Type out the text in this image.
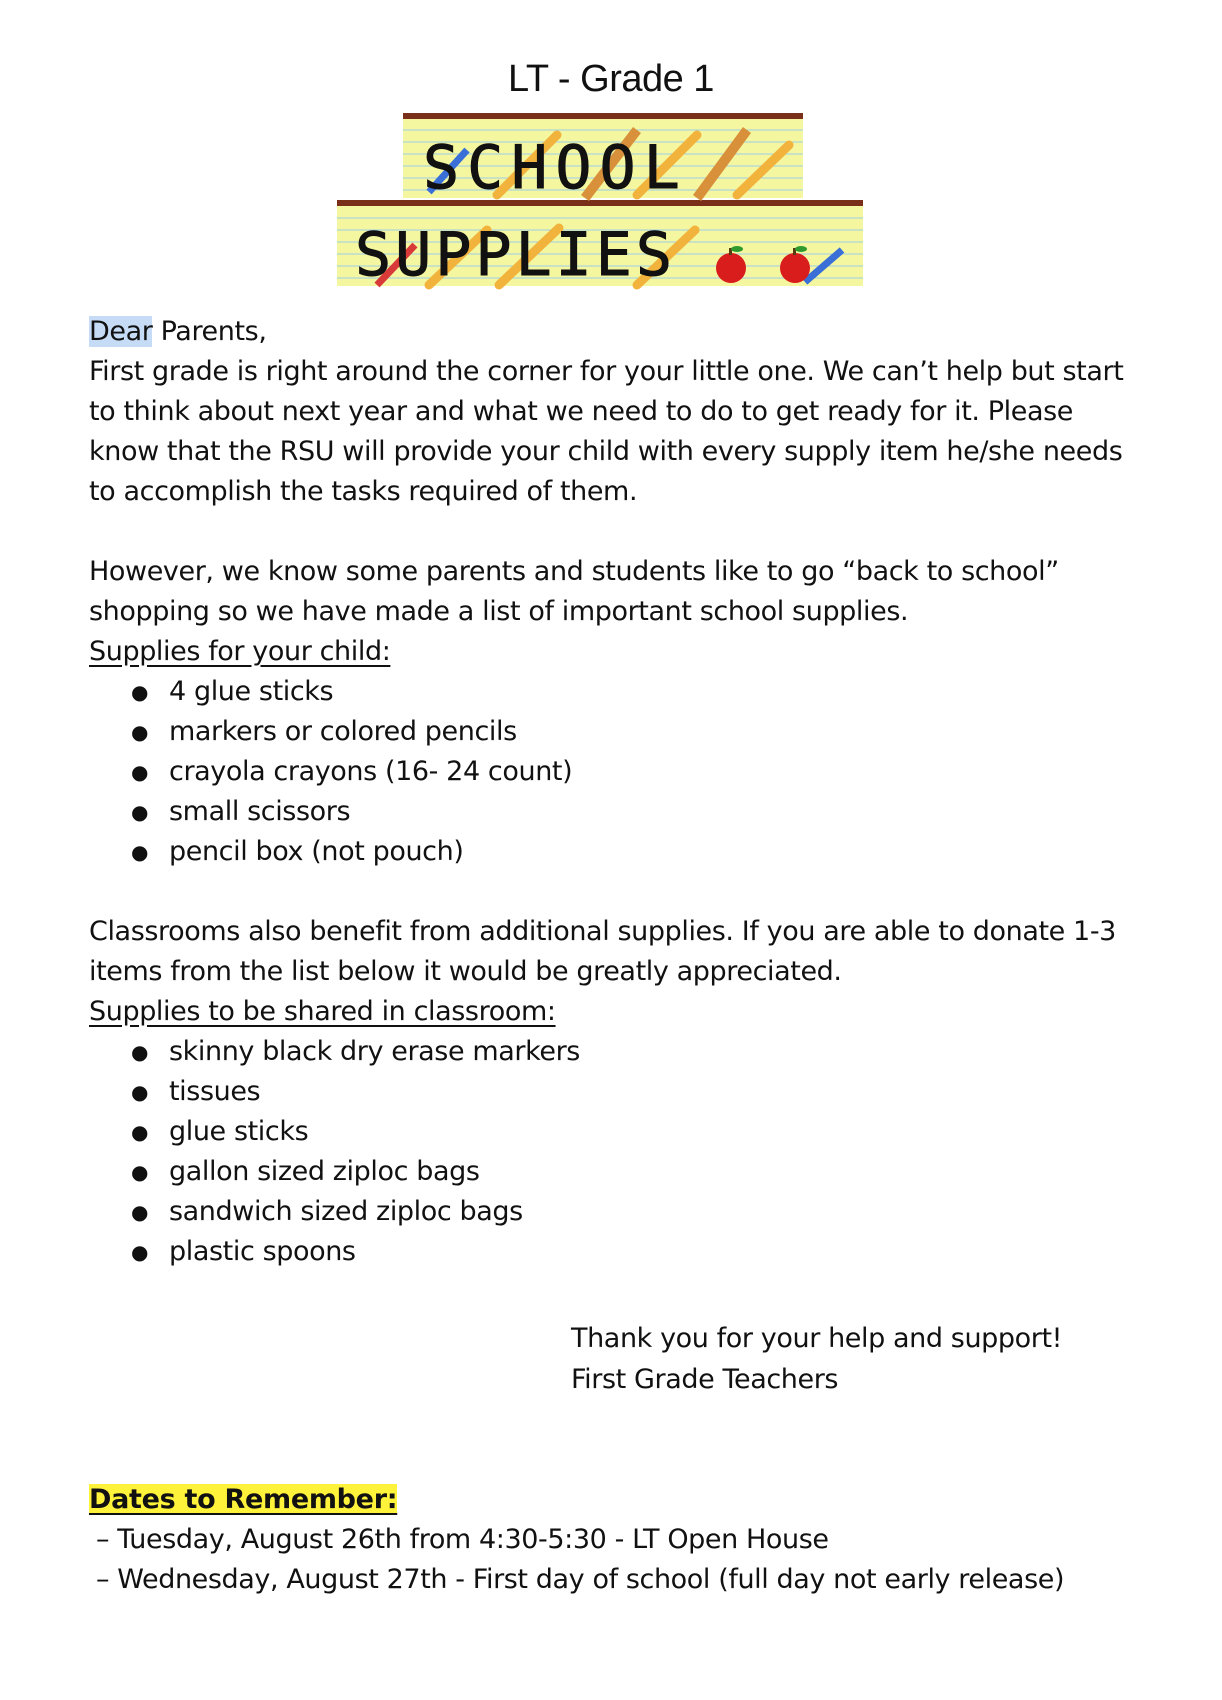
LT - Grade 1
SCHOOL
SUPPLIES

Dear Parents,

First grade is right around the corner for your little one. We can’t help but start to think about next year and what we need to do to get ready for it. Please know that the RSU will provide your child with every supply item he/she needs to accomplish the tasks required of them.

However, we know some parents and students like to go “back to school” shopping so we have made a list of important school supplies.

Supplies for your child:

● 4 glue sticks
● markers or colored pencils
● crayola crayons (16- 24 count)
● small scissors
● pencil box (not pouch)

Classrooms also benefit from additional supplies. If you are able to donate 1-3 items from the list below it would be greatly appreciated.

Supplies to be shared in classroom:

● skinny black dry erase markers
● tissues
● glue sticks
● gallon sized ziploc bags
● sandwich sized ziploc bags
● plastic spoons
Thank you for your help and support!
First Grade Teachers
Dates to Remember:

– Tuesday, August 26th from 4:30-5:30 - LT Open House

– Wednesday, August 27th - First day of school (full day not early release)
